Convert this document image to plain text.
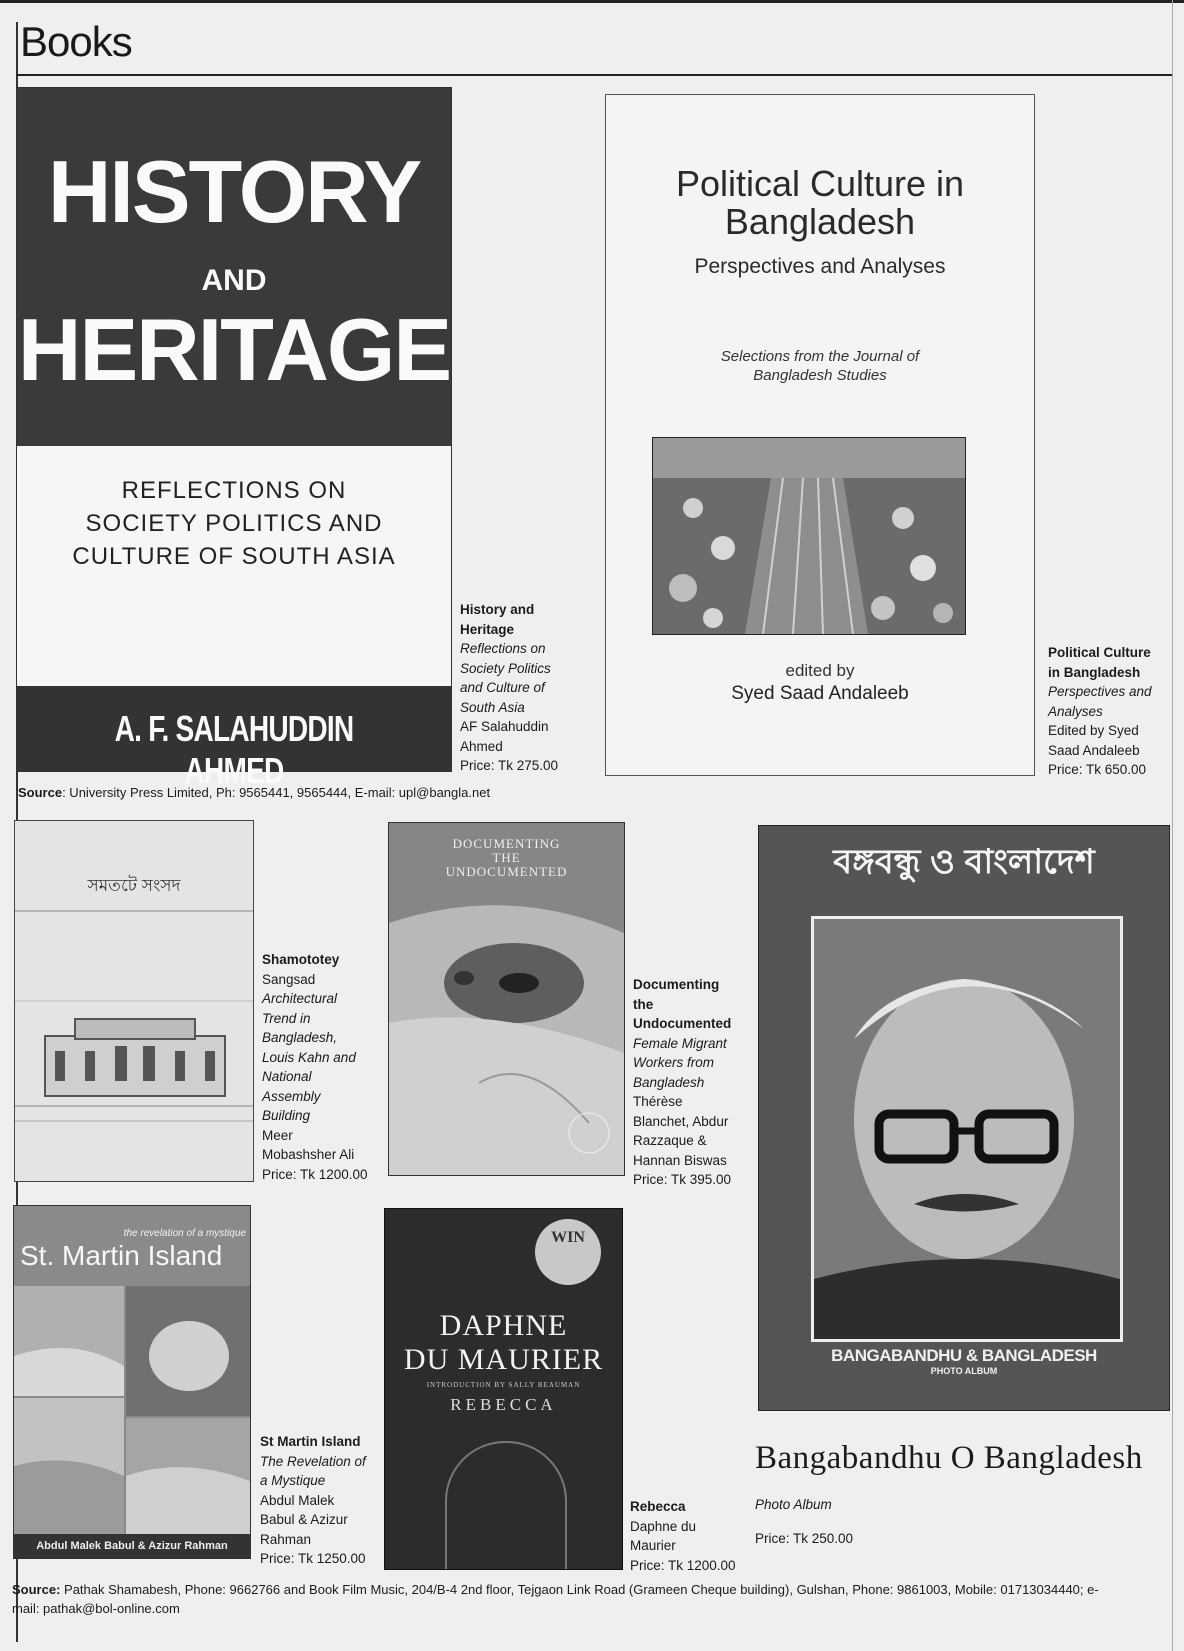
Books
HISTORY
AND
HERITAGE
REFLECTIONS ON
SOCIETY POLITICS AND
CULTURE OF SOUTH ASIA
A. F. SALAHUDDIN AHMED
History and
Heritage
Reflections on
Society Politics
and Culture of
South Asia
AF Salahuddin
Ahmed
Price: Tk 275.00
Political Culture in
Bangladesh
Perspectives and Analyses
Selections from the Journal of
Bangladesh Studies
edited by
Syed Saad Andaleeb
Political Culture
in Bangladesh
Perspectives and
Analyses
Edited by Syed
Saad Andaleeb
Price: Tk 650.00
Source: University Press Limited, Ph: 9565441, 9565444, E-mail: upl@bangla.net
সমতটে সংসদ
Shamototey
Sangsad
Architectural
Trend in
Bangladesh,
Louis Kahn and
National
Assembly
Building
Meer
Mobashsher Ali
Price: Tk 1200.00
DOCUMENTING
THE
UNDOCUMENTED
Documenting
the
Undocumented
Female Migrant
Workers from
Bangladesh
Thérèse
Blanchet, Abdur
Razzaque &
Hannan Biswas
Price: Tk 395.00
বঙ্গবন্ধু ও বাংলাদেশ
BANGABANDHU & BANGLADESH
PHOTO ALBUM
Bangabandhu O Bangladesh
Photo Album
Price: Tk 250.00
the revelation of a mystique
St. Martin Island
Abdul Malek Babul & Azizur Rahman
St Martin Island
The Revelation of
a Mystique
Abdul Malek
Babul & Azizur
Rahman
Price: Tk 1250.00
WIN
DAPHNE
DU MAURIER
INTRODUCTION BY SALLY BEAUMAN
REBECCA
Rebecca
Daphne du
Maurier
Price: Tk 1200.00
Source: Pathak Shamabesh, Phone: 9662766 and Book Film Music, 204/B-4 2nd floor, Tejgaon Link Road (Grameen Cheque building), Gulshan, Phone: 9861003, Mobile: 01713034440; e-
mail: pathak@bol-online.com
